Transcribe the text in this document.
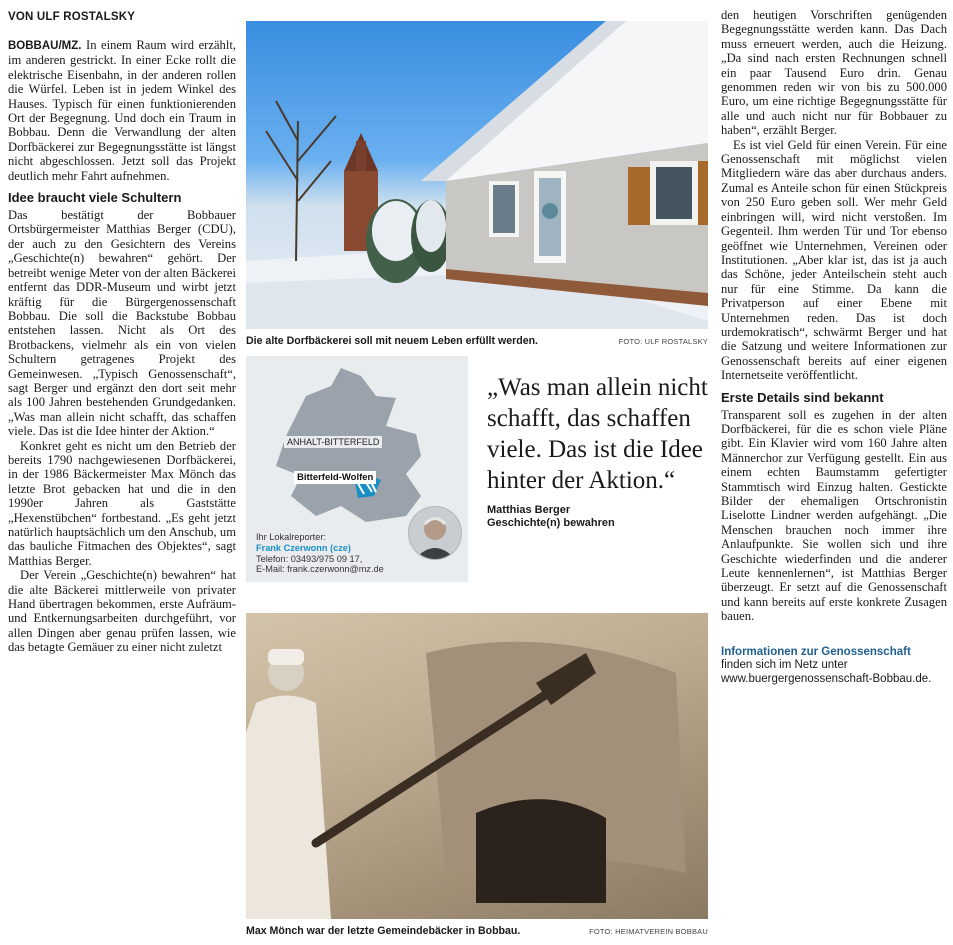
VON ULF ROSTALSKY

BOBBAU/MZ. In einem Raum wird erzählt, im anderen gestrickt. In einer Ecke rollt die elektrische Eisenbahn, in der anderen rollen die Würfel. Leben ist in jedem Winkel des Hauses. Typisch für einen funktionierenden Ort der Begegnung. Und doch ein Traum in Bobbau. Denn die Verwandlung der alten Dorfbäckerei zur Begegnungsstätte ist längst nicht abgeschlossen. Jetzt soll das Projekt deutlich mehr Fahrt aufnehmen.

Idee braucht viele Schultern

Das bestätigt der Bobbauer Ortsbürgermeister Matthias Berger (CDU), der auch zu den Gesichtern des Vereins „Geschichte(n) bewahren“ gehört. Der betreibt wenige Meter von der alten Bäckerei entfernt das DDR-Museum und wirbt jetzt kräftig für die Bürgergenossenschaft Bobbau. Die soll die Backstube Bobbau entstehen lassen. Nicht als Ort des Brotbackens, vielmehr als ein von vielen Schultern getragenes Projekt des Gemeinwesen. „Typisch Genossenschaft“, sagt Berger und ergänzt den dort seit mehr als 100 Jahren bestehenden Grundgedanken. „Was man allein nicht schafft, das schaffen viele. Das ist die Idee hinter der Aktion.“

Konkret geht es nicht um den Betrieb der bereits 1790 nachgewiesenen Dorfbäckerei, in der 1986 Bäckermeister Max Mönch das letzte Brot gebacken hat und die in den 1990er Jahren als Gaststätte „Hexenstübchen“ fortbestand. „Es geht jetzt natürlich hauptsächlich um den Anschub, um das bauliche Fitmachen des Objektes“, sagt Matthias Berger.

Der Verein „Geschichte(n) bewahren“ hat die alte Bäckerei mittlerweile von privater Hand übertragen bekommen, erste Aufräum- und Entkernungsarbeiten durchgeführt, vor allen Dingen aber genau prüfen lassen, wie das betagte Gemäuer zu einer nicht zuletzt

FOTO: ULF ROSTALSKY
Die alte Dorfbäckerei soll mit neuem Leben erfüllt werden.
ANHALT-BITTERFELD
Bitterfeld-Wolfen
Ihr Lokalreporter:
Frank Czerwonn (cze)
Telefon: 03493/975 09 17,
E-Mail: frank.czerwonn@mz.de
„Was man allein nicht schafft, das schaffen viele. Das ist die Idee hinter der Aktion.“
Matthias Berger
Geschichte(n) bewahren
FOTO: HEIMATVEREIN BOBBAU
Max Mönch war der letzte Gemeindebäcker in Bobbau.

den heutigen Vorschriften genügenden Begegnungsstätte werden kann. Das Dach muss erneuert werden, auch die Heizung. „Da sind nach ersten Rechnungen schnell ein paar Tausend Euro drin. Genau genommen reden wir von bis zu 500.000 Euro, um eine richtige Begegnungsstätte für alle und auch nicht nur für Bobbauer zu haben“, erzählt Berger.

Es ist viel Geld für einen Verein. Für eine Genossenschaft mit möglichst vielen Mitgliedern wäre das aber durchaus anders. Zumal es Anteile schon für einen Stückpreis von 250 Euro geben soll. Wer mehr Geld einbringen will, wird nicht verstoßen. Im Gegenteil. Ihm werden Tür und Tor ebenso geöffnet wie Unternehmen, Vereinen oder Institutionen. „Aber klar ist, das ist ja auch das Schöne, jeder Anteilschein steht auch nur für eine Stimme. Da kann die Privatperson auf einer Ebene mit Unternehmen reden. Das ist doch urdemokratisch“, schwärmt Berger und hat die Satzung und weitere Informationen zur Genossenschaft bereits auf einer eigenen Internetseite veröffentlicht.

Erste Details sind bekannt

Transparent soll es zugehen in der alten Dorfbäckerei, für die es schon viele Pläne gibt. Ein Klavier wird vom 160 Jahre alten Männerchor zur Verfügung gestellt. Ein aus einem echten Baumstamm gefertigter Stammtisch wird Einzug halten. Gestickte Bilder der ehemaligen Ortschronistin Liselotte Lindner werden aufgehängt. „Die Menschen brauchen noch immer ihre Anlaufpunkte. Sie wollen sich und ihre Geschichte wiederfinden und die anderer Leute kennenlernen“, ist Matthias Berger überzeugt. Er setzt auf die Genossenschaft und kann bereits auf erste konkrete Zusagen bauen.

Informationen zur Genossenschaft
finden sich im Netz unter www.buergergenossenschaft-Bobbau.de.
